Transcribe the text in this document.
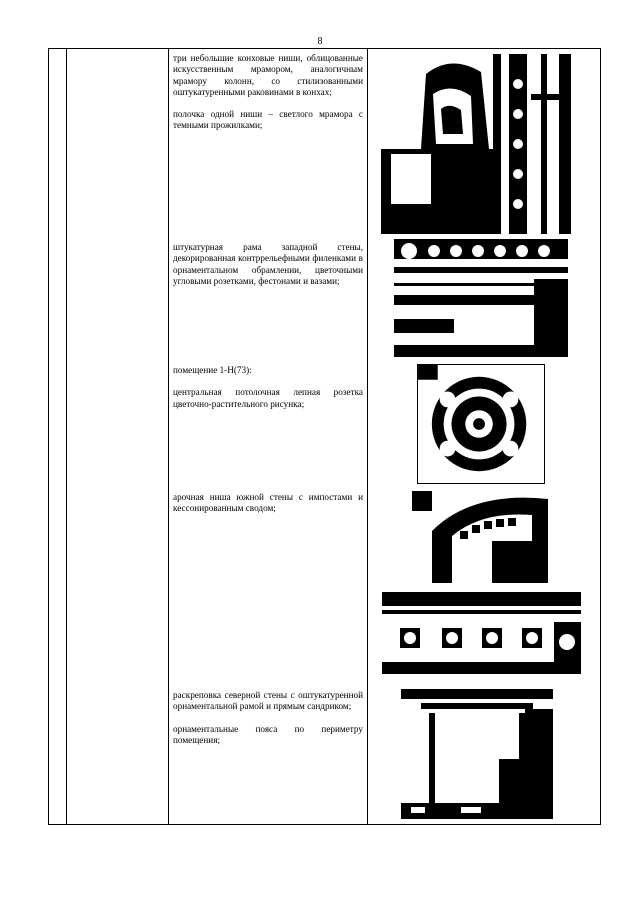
8

три небольшие конховые ниши, облицованные искусственным мрамором, аналогичным мрамору колонн, со стилизованными оштукатуренными раковинами в конхах;

полочка одной ниши – светлого мрамора с темными прожилками;

штукатурная рама западной стены, декорированная контррельефными филенками в орнаментальном обрамлении, цветочными угловыми розетками, фестонами и вазами;

помещение 1-Н(73):

центральная потолочная лепная розетка цветочно-растительного рисунка;

арочная ниша южной стены с импостами и кессонированным сводом;

раскреповка северной стены с оштукатуренной орнаментальной рамой и прямым сандриком;

орнаментальные пояса по периметру помещения;
